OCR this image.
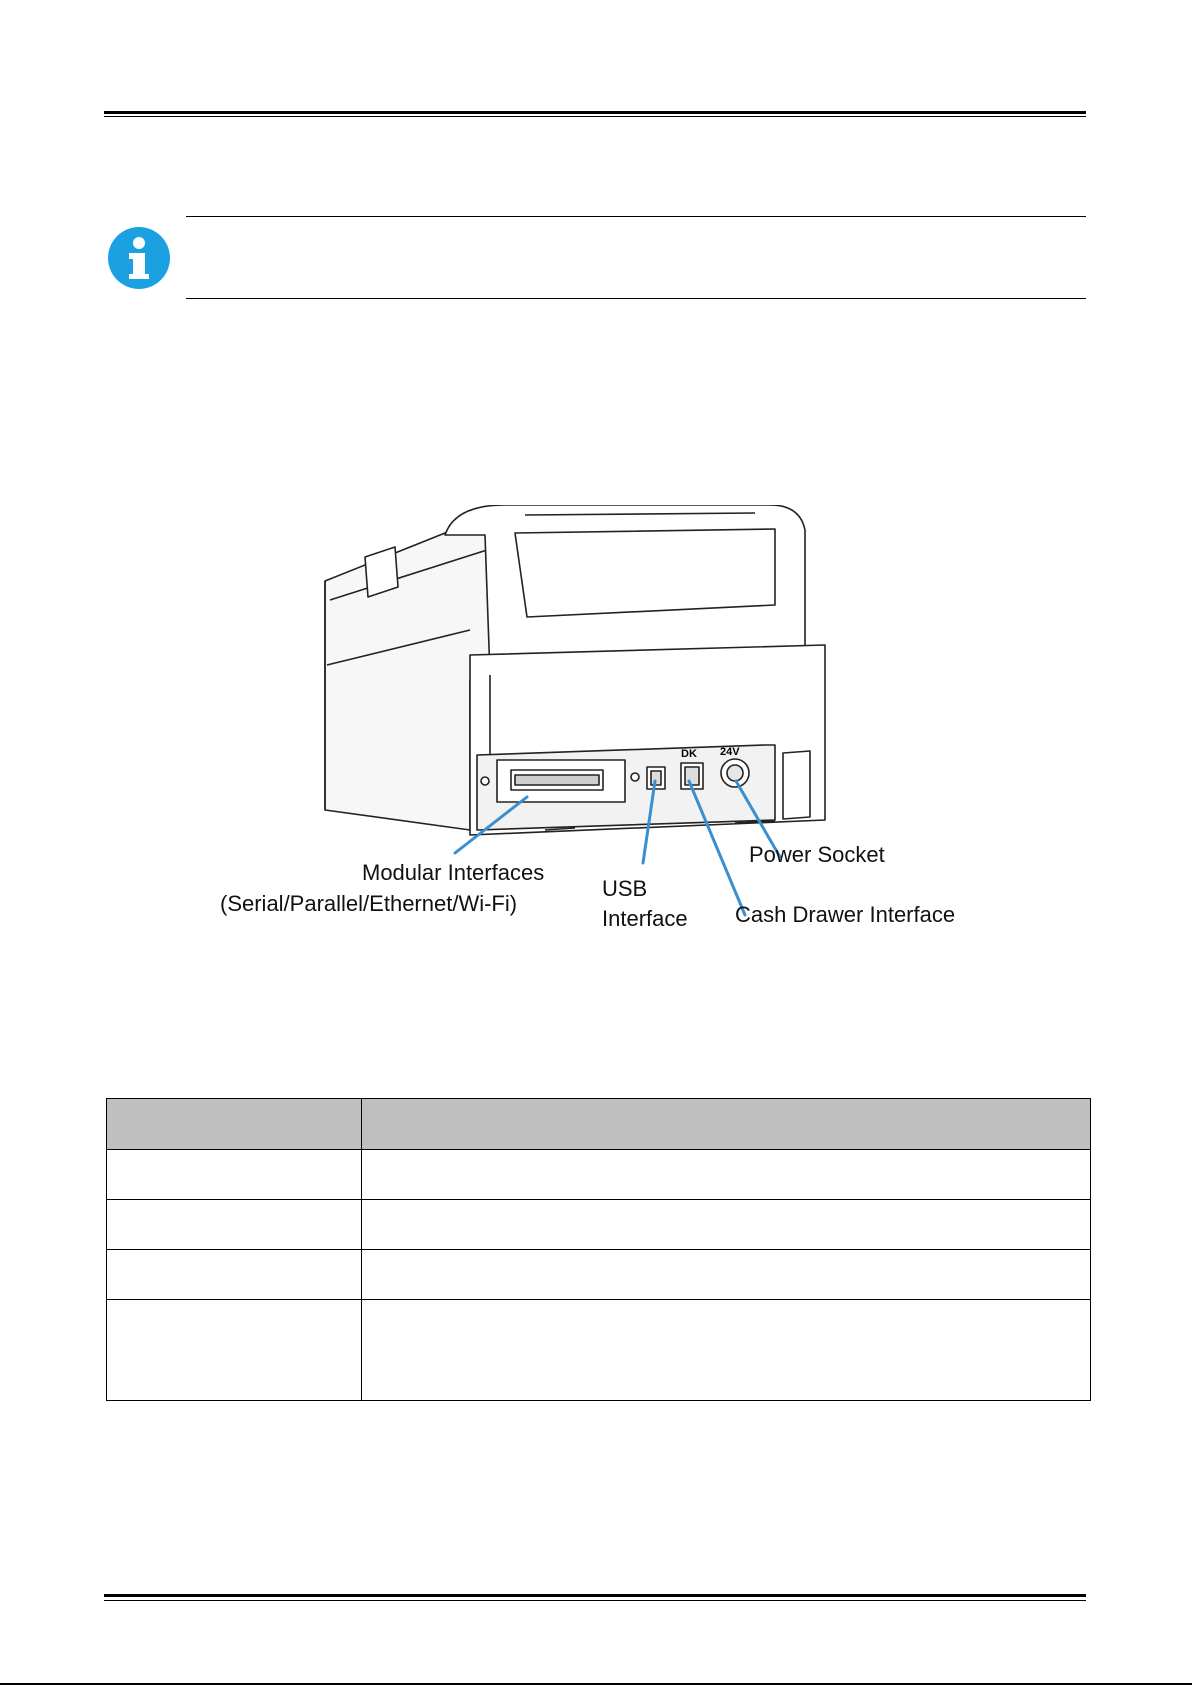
DK 24V
Modular Interfaces
(Serial/Parallel/Ethernet/Wi-Fi)
USB
Interface Cash Drawer Interface
Power Socket
